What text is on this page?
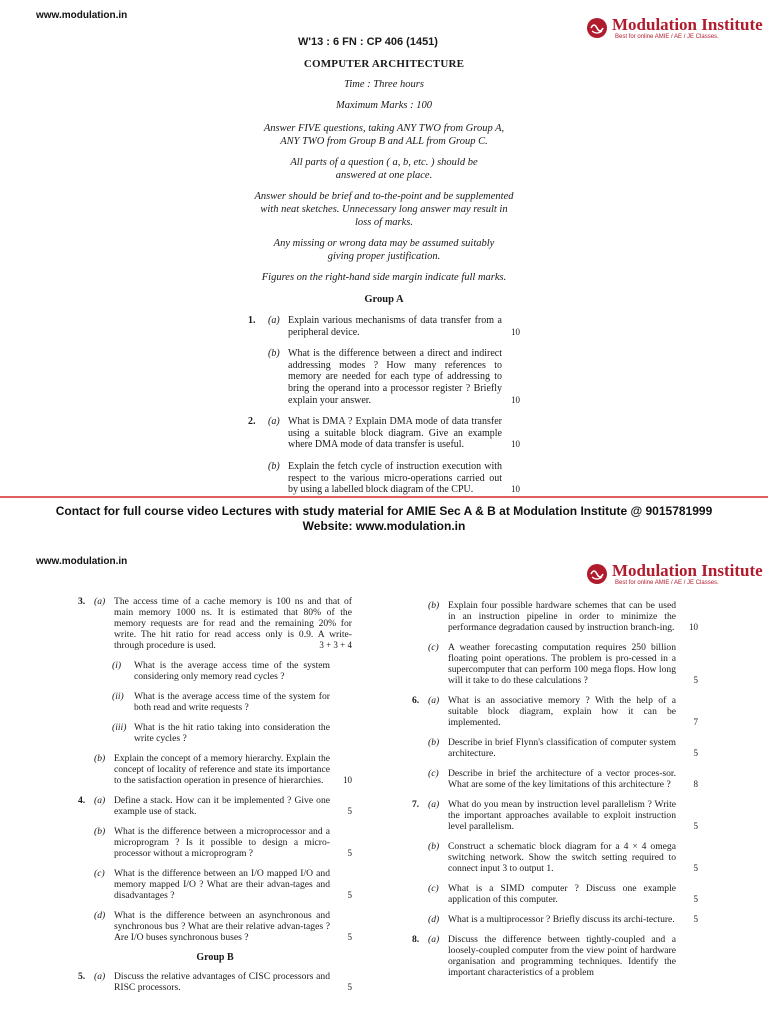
www.modulation.in	Modulation Institute
Best for online AMIE / AE / JE Classes.
W'13 : 6 FN : CP 406 (1451)
COMPUTER ARCHITECTURE
Time : Three hours
Maximum Marks : 100
Answer FIVE questions, taking ANY TWO from Group A,
ANY TWO from Group B and ALL from Group C.
All parts of a question ( a, b, etc. ) should be
answered at one place.
Answer should be brief and to-the-point and be supplemented
with neat sketches. Unnecessary long answer may result in
loss of marks.
Any missing or wrong data may be assumed suitably
giving proper justification.
Figures on the right-hand side margin indicate full marks.
Group A
1. (a) Explain various mechanisms of data transfer from a peripheral device.	10
(b) What is the difference between a direct and indirect addressing modes ? How many references to memory are needed for each type of addressing to bring the operand into a processor register ? Briefly explain your answer.	10
2. (a) What is DMA ? Explain DMA mode of data transfer using a suitable block diagram. Give an example where DMA mode of data transfer is useful.	10
(b) Explain the fetch cycle of instruction execution with respect to the various micro-operations carried out by using a labelled block diagram of the CPU.	10
Contact for full course video Lectures with study material for AMIE Sec A & B at Modulation Institute @ 9015781999
Website: www.modulation.in
www.modulation.in	Modulation Institute
Best for online AMIE / AE / JE Classes.
3. (a) The access time of a cache memory is 100 ns and that of main memory 1000 ns. It is estimated that 80% of the memory requests are for read and the remaining 20% for write. The hit ratio for read access only is 0.9. A write-through procedure is used.	3 + 3 + 4
(i) What is the average access time of the system considering only memory read cycles ?
(ii) What is the average access time of the system for both read and write requests ?
(iii) What is the hit ratio taking into consideration the write cycles ?
(b) Explain the concept of a memory hierarchy. Explain the concept of locality of reference and state its importance to the satisfaction operation in presence of hierarchies.	10
4. (a) Define a stack. How can it be implemented ? Give one example use of stack.	5
(b) What is the difference between a microprocessor and a microprogram ? Is it possible to design a micro-processor without a microprogram ?	5
(c) What is the difference between an I/O mapped I/O and memory mapped I/O ? What are their advan-tages and disadvantages ?	5
(d) What is the difference between an asynchronous and synchronous bus ? What are their relative advan-tages ? Are I/O buses synchronous buses ?	5
Group B
5. (a) Discuss the relative advantages of CISC processors and RISC processors.	5
(b) Explain four possible hardware schemes that can be used in an instruction pipeline in order to minimize the performance degradation caused by instruction branch-ing. 10
(c) A weather forecasting computation requires 250 billion floating point operations. The problem is pro-cessed in a supercomputer that can perform 100 mega flops. How long will it take to do these calculations ?	5
6. (a) What is an associative memory ? With the help of a suitable block diagram, explain how it can be implemented.	7
(b) Describe in brief Flynn's classification of computer system architecture.	5
(c) Describe in brief the architecture of a vector proces-sor. What are some of the key limitations of this architecture ?	8
7. (a) What do you mean by instruction level parallelism ? Write the important approaches available to exploit instruction level parallelism.	5
(b) Construct a schematic block diagram for a 4 × 4 omega switching network. Show the switch setting required to connect input 3 to output 1.	5
(c) What is a SIMD computer ? Discuss one example application of this computer.	5
(d) What is a multiprocessor ? Briefly discuss its archi-tecture. 5
8. (a) Discuss the difference between tightly-coupled and a loosely-coupled computer from the view point of hardware organisation and programming techniques. Identify the important characteristics of a problem
